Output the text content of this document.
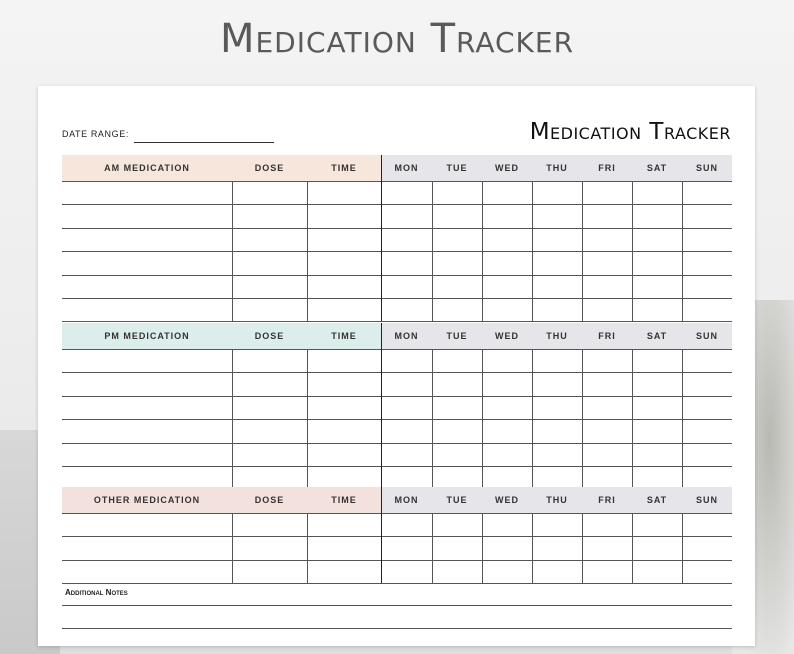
Medication Tracker
DATE RANGE:	Medication Tracker
AM MEDICATION	DOSE	TIME	MON	TUE	WED	THU	FRI	SAT	SUN
PM MEDICATION	DOSE	TIME	MON	TUE	WED	THU	FRI	SAT	SUN
OTHER MEDICATION	DOSE	TIME	MON	TUE	WED	THU	FRI	SAT	SUN
Additional Notes
